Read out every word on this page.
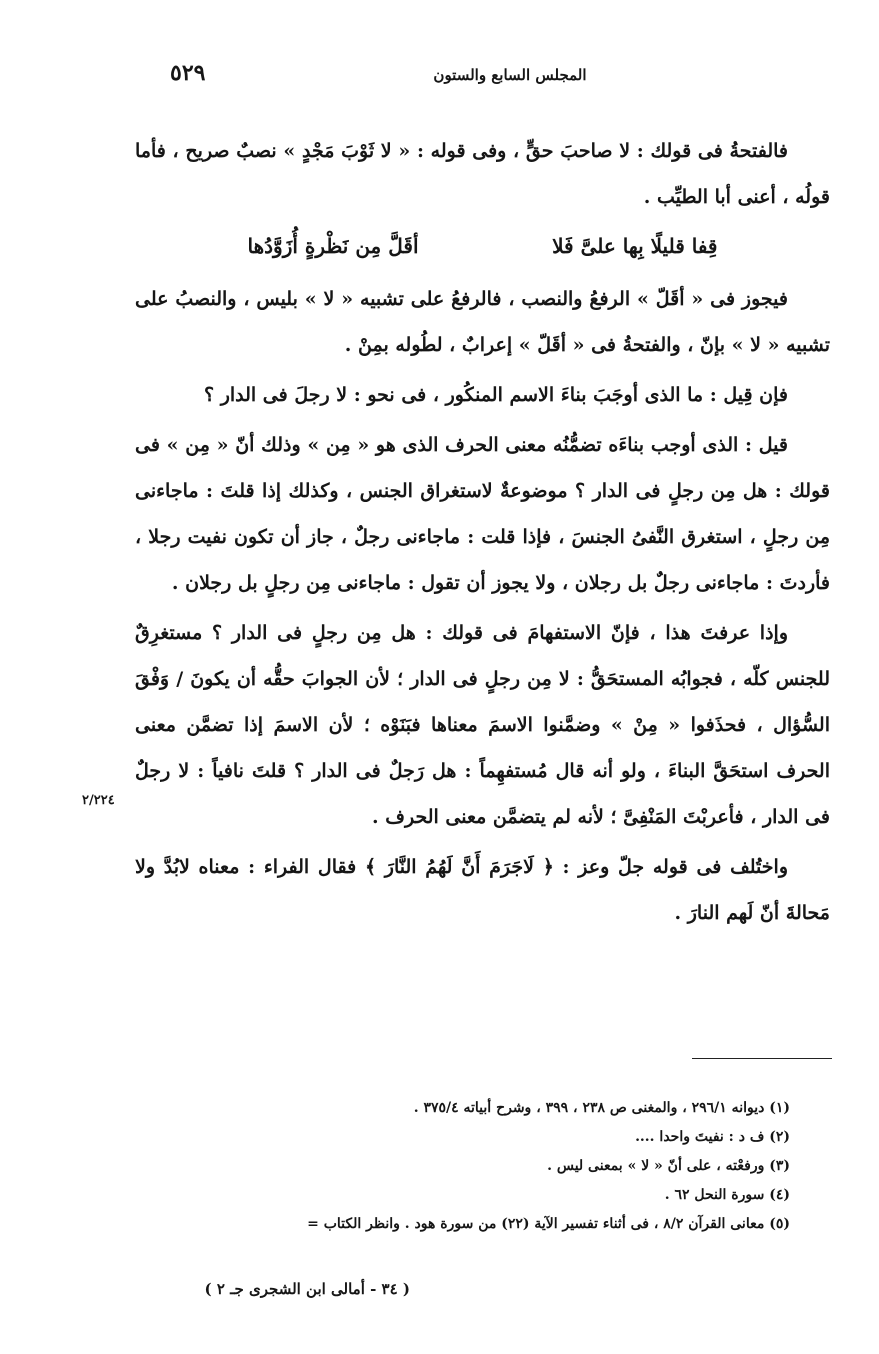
٥٢٩	المجلس السابع والستون

فالفتحةُ فى قولك : لا صاحبَ حقٍّ ، وفى قوله : « لا ثَوْبَ مَجْدٍ » نصبٌ صريح ، فأما قولُه ، أعنى أبا الطيِّب .

قِفا قليلًا بِها علىَّ فَلا
أقَلَّ مِن نَظْرةٍ أُزَوَّدُها

فيجوز فى « أقَلّ » الرفعُ والنصب ، فالرفعُ على تشبيه « لا » بليس ، والنصبُ على تشبيه « لا » بإنّ ، والفتحةُ فى « أقَلّ » إعرابٌ ، لطُوله بمِنْ .

فإن قِيل : ما الذى أوجَبَ بناءَ الاسم المنكُور ، فى نحو : لا رجلَ فى الدار ؟

قيل : الذى أوجب بناءَه تضمُّنُه معنى الحرف الذى هو « مِن » وذلك أنّ « مِن » فى قولك : هل مِن رجلٍ فى الدار ؟ موضوعةٌ لاستغراق الجنس ، وكذلك إذا قلتَ : ماجاءنى مِن رجلٍ ، استغرق النَّفىُ الجنسَ ، فإذا قلت : ماجاءنى رجلٌ ، جاز أن تكون نفيت رجلا ، فأردتَ : ماجاءنى رجلٌ بل رجلان ، ولا يجوز أن تقول : ماجاءنى مِن رجلٍ بل رجلان .

وإذا عرفتَ هذا ، فإنّ الاستفهامَ فى قولك : هل مِن رجلٍ فى الدار ؟ مستغرِقٌ للجنس كلّه ، فجوابُه المستحَقُّ : لا مِن رجلٍ فى الدار ؛ لأن الجوابَ حقُّه أن يكونَ / وَفْقَ السُّؤال ، فحذَفوا « مِنْ » وضمَّنوا الاسمَ معناها فبَنَوْه ؛ لأن الاسمَ إذا تضمَّن معنى الحرف استحَقَّ البناءَ ، ولو أنه قال مُستفهِماً : هل رَجلٌ فى الدار ؟ قلتَ نافياً : لا رجلٌ فى الدار ، فأعربْتَ المَنْفِىَّ ؛ لأنه لم يتضمَّن معنى الحرف .

واختُلف فى قوله جلّ وعز : ﴿ لَاجَرَمَ أَنَّ لَهُمُ النَّارَ ﴾ فقال الفراء : معناه لابُدَّ ولا مَحالةَ أنّ لَهم النارَ .

٢/٢٢٤

(١) ديوانه ٢٩٦/١ ، والمغنى ص ٢٣٨ ، ٣٩٩ ، وشرح أبياته ٣٧٥/٤ .

(٢) ف د : نفيتَ واحدا ....

(٣) ورفعْته ، على أنّ « لا » بمعنى ليس .

(٤) سورة النحل ٦٢ .

(٥) معانى القرآن ٨/٢ ، فى أثناء تفسير الآية (٢٢) من سورة هود . وانظر الكتاب =

( ٣٤ - أمالى ابن الشجرى جـ ٢ )
